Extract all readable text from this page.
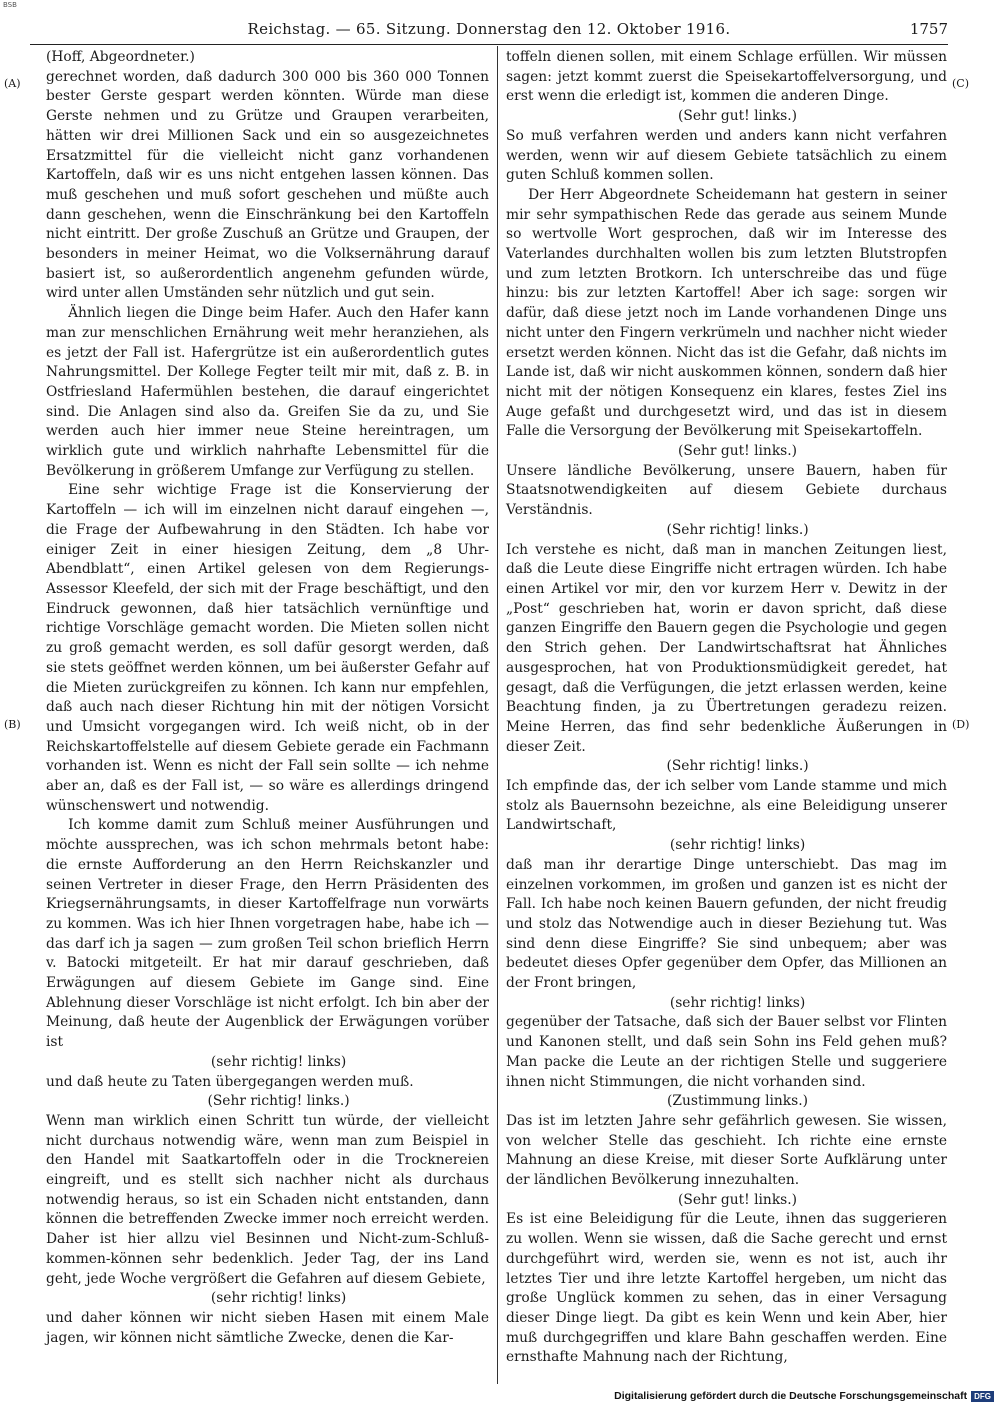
BSB
Reichstag. — 65. Sitzung. Donnerstag den 12. Oktober 1916.	1757
(A)
(B)
(C)
(D)

(Hoff, Abgeordneter.)

gerechnet worden, daß dadurch 300 000 bis 360 000 Tonnen bester Gerste gespart werden könnten. Würde man diese Gerste nehmen und zu Grütze und Graupen verarbeiten, hätten wir drei Millionen Sack und ein so ausgezeichnetes Ersatzmittel für die vielleicht nicht ganz vorhandenen Kartoffeln, daß wir es uns nicht entgehen lassen können. Das muß geschehen und muß sofort geschehen und müßte auch dann geschehen, wenn die Einschränkung bei den Kartoffeln nicht eintritt. Der große Zuschuß an Grütze und Graupen, der besonders in meiner Heimat, wo die Volksernährung darauf basiert ist, so außerordentlich angenehm gefunden würde, wird unter allen Umständen sehr nützlich und gut sein.

Ähnlich liegen die Dinge beim Hafer. Auch den Hafer kann man zur menschlichen Ernährung weit mehr heranziehen, als es jetzt der Fall ist. Hafergrütze ist ein außerordentlich gutes Nahrungsmittel. Der Kollege Fegter teilt mir mit, daß z. B. in Ostfriesland Hafermühlen bestehen, die darauf eingerichtet sind. Die Anlagen sind also da. Greifen Sie da zu, und Sie werden auch hier immer neue Steine hereintragen, um wirklich gute und wirklich nahrhafte Lebensmittel für die Bevölkerung in größerem Umfange zur Verfügung zu stellen.

Eine sehr wichtige Frage ist die Konservierung der Kartoffeln — ich will im einzelnen nicht darauf eingehen —, die Frage der Aufbewahrung in den Städten. Ich habe vor einiger Zeit in einer hiesigen Zeitung, dem „8 Uhr-Abendblatt“, einen Artikel gelesen von dem Regierungs-Assessor Kleefeld, der sich mit der Frage beschäftigt, und den Eindruck gewonnen, daß hier tatsächlich vernünftige und richtige Vorschläge gemacht worden. Die Mieten sollen nicht zu groß gemacht werden, es soll dafür gesorgt werden, daß sie stets geöffnet werden können, um bei äußerster Gefahr auf die Mieten zurückgreifen zu können. Ich kann nur empfehlen, daß auch nach dieser Richtung hin mit der nötigen Vorsicht und Umsicht vorgegangen wird. Ich weiß nicht, ob in der Reichskartoffelstelle auf diesem Gebiete gerade ein Fachmann vorhanden ist. Wenn es nicht der Fall sein sollte — ich nehme aber an, daß es der Fall ist, — so wäre es allerdings dringend wünschenswert und notwendig.

Ich komme damit zum Schluß meiner Ausführungen und möchte aussprechen, was ich schon mehrmals betont habe: die ernste Aufforderung an den Herrn Reichskanzler und seinen Vertreter in dieser Frage, den Herrn Präsidenten des Kriegsernährungsamts, in dieser Kartoffelfrage nun vorwärts zu kommen. Was ich hier Ihnen vorgetragen habe, habe ich — das darf ich ja sagen — zum großen Teil schon brieflich Herrn v. Batocki mitgeteilt. Er hat mir darauf geschrieben, daß Erwägungen auf diesem Gebiete im Gange sind. Eine Ablehnung dieser Vorschläge ist nicht erfolgt. Ich bin aber der Meinung, daß heute der Augenblick der Erwägungen vorüber ist

(sehr richtig! links)

und daß heute zu Taten übergegangen werden muß.

(Sehr richtig! links.)

Wenn man wirklich einen Schritt tun würde, der vielleicht nicht durchaus notwendig wäre, wenn man zum Beispiel in den Handel mit Saatkartoffeln oder in die Trocknereien eingreift, und es stellt sich nachher nicht als durchaus notwendig heraus, so ist ein Schaden nicht entstanden, dann können die betreffenden Zwecke immer noch erreicht werden. Daher ist hier allzu viel Besinnen und Nicht-zum-Schluß-kommen-können sehr bedenklich. Jeder Tag, der ins Land geht, jede Woche vergrößert die Gefahren auf diesem Gebiete,

(sehr richtig! links)

und daher können wir nicht sieben Hasen mit einem Male jagen, wir können nicht sämtliche Zwecke, denen die Kar-

toffeln dienen sollen, mit einem Schlage erfüllen. Wir müssen sagen: jetzt kommt zuerst die Speisekartoffelversorgung, und erst wenn die erledigt ist, kommen die anderen Dinge.

(Sehr gut! links.)

So muß verfahren werden und anders kann nicht verfahren werden, wenn wir auf diesem Gebiete tatsächlich zu einem guten Schluß kommen sollen.

Der Herr Abgeordnete Scheidemann hat gestern in seiner mir sehr sympathischen Rede das gerade aus seinem Munde so wertvolle Wort gesprochen, daß wir im Interesse des Vaterlandes durchhalten wollen bis zum letzten Blutstropfen und zum letzten Brotkorn. Ich unterschreibe das und füge hinzu: bis zur letzten Kartoffel! Aber ich sage: sorgen wir dafür, daß diese jetzt noch im Lande vorhandenen Dinge uns nicht unter den Fingern verkrümeln und nachher nicht wieder ersetzt werden können. Nicht das ist die Gefahr, daß nichts im Lande ist, daß wir nicht auskommen können, sondern daß hier nicht mit der nötigen Konsequenz ein klares, festes Ziel ins Auge gefaßt und durchgesetzt wird, und das ist in diesem Falle die Versorgung der Bevölkerung mit Speisekartoffeln.

(Sehr gut! links.)

Unsere ländliche Bevölkerung, unsere Bauern, haben für Staatsnotwendigkeiten auf diesem Gebiete durchaus Verständnis.

(Sehr richtig! links.)

Ich verstehe es nicht, daß man in manchen Zeitungen liest, daß die Leute diese Eingriffe nicht ertragen würden. Ich habe einen Artikel vor mir, den vor kurzem Herr v. Dewitz in der „Post“ geschrieben hat, worin er davon spricht, daß diese ganzen Eingriffe den Bauern gegen die Psychologie und gegen den Strich gehen. Der Landwirtschaftsrat hat Ähnliches ausgesprochen, hat von Produktionsmüdigkeit geredet, hat gesagt, daß die Verfügungen, die jetzt erlassen werden, keine Beachtung finden, ja zu Übertretungen geradezu reizen. Meine Herren, das find sehr bedenkliche Äußerungen in dieser Zeit.

(Sehr richtig! links.)

Ich empfinde das, der ich selber vom Lande stamme und mich stolz als Bauernsohn bezeichne, als eine Beleidigung unserer Landwirtschaft,

(sehr richtig! links)

daß man ihr derartige Dinge unterschiebt. Das mag im einzelnen vorkommen, im großen und ganzen ist es nicht der Fall. Ich habe noch keinen Bauern gefunden, der nicht freudig und stolz das Notwendige auch in dieser Beziehung tut. Was sind denn diese Eingriffe? Sie sind unbequem; aber was bedeutet dieses Opfer gegenüber dem Opfer, das Millionen an der Front bringen,

(sehr richtig! links)

gegenüber der Tatsache, daß sich der Bauer selbst vor Flinten und Kanonen stellt, und daß sein Sohn ins Feld gehen muß? Man packe die Leute an der richtigen Stelle und suggeriere ihnen nicht Stimmungen, die nicht vorhanden sind.

(Zustimmung links.)

Das ist im letzten Jahre sehr gefährlich gewesen. Sie wissen, von welcher Stelle das geschieht. Ich richte eine ernste Mahnung an diese Kreise, mit dieser Sorte Aufklärung unter der ländlichen Bevölkerung innezuhalten.

(Sehr gut! links.)

Es ist eine Beleidigung für die Leute, ihnen das suggerieren zu wollen. Wenn sie wissen, daß die Sache gerecht und ernst durchgeführt wird, werden sie, wenn es not ist, auch ihr letztes Tier und ihre letzte Kartoffel hergeben, um nicht das große Unglück kommen zu sehen, das in einer Versagung dieser Dinge liegt. Da gibt es kein Wenn und kein Aber, hier muß durchgegriffen und klare Bahn geschaffen werden. Eine ernsthafte Mahnung nach der Richtung,

Digitalisierung gefördert durch die Deutsche Forschungsgemeinschaft DFG
